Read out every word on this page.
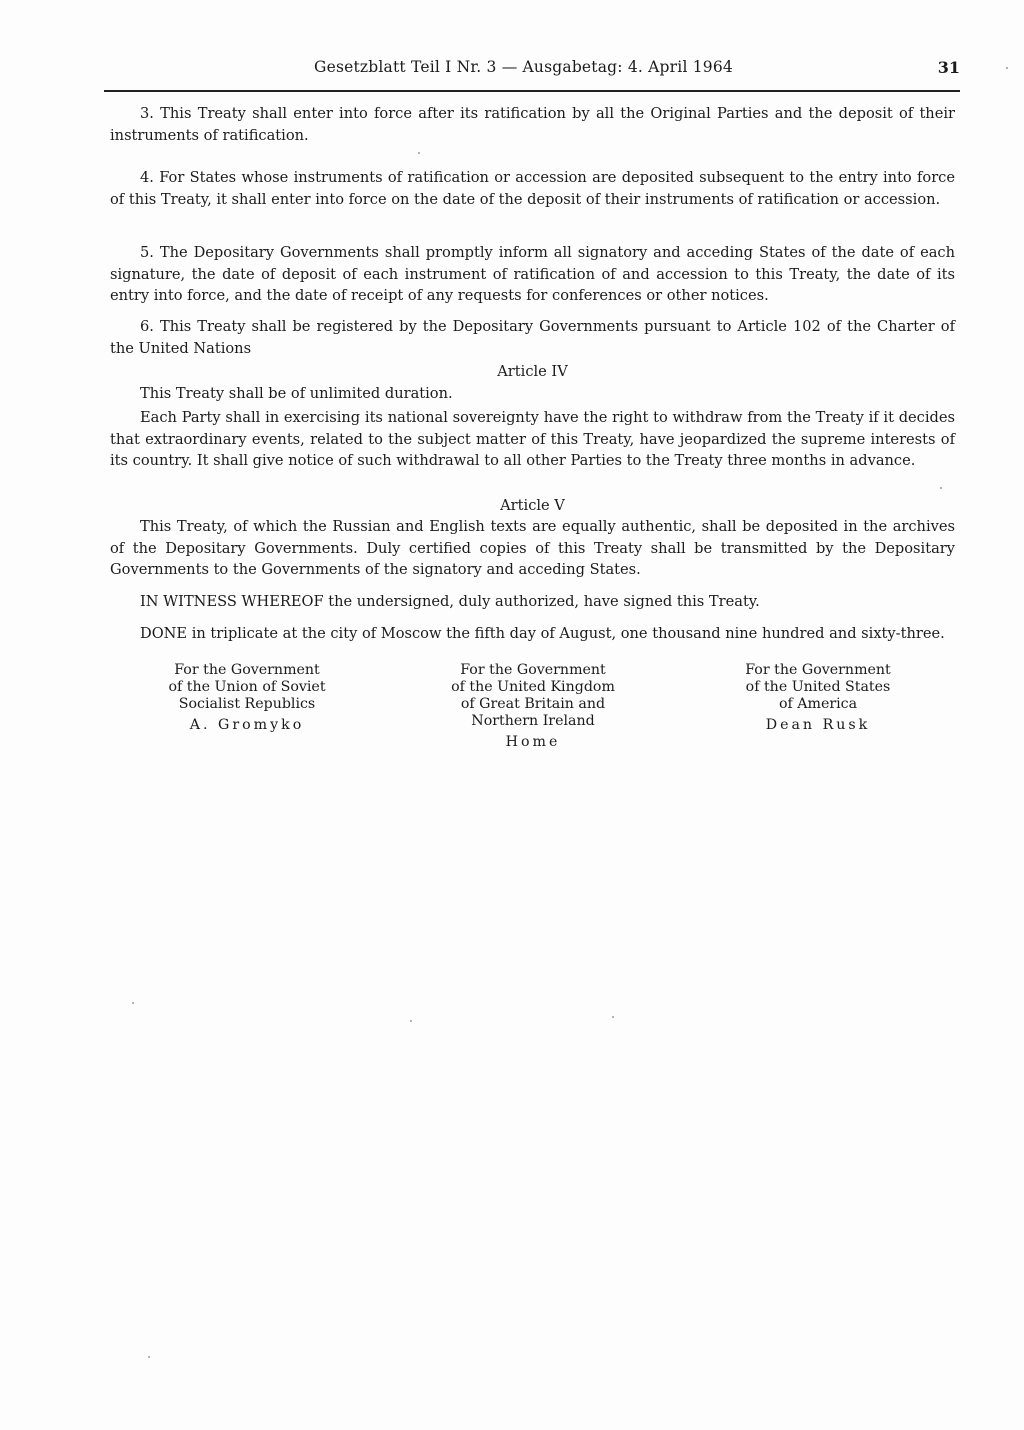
Gesetzblatt Teil I Nr. 3 — Ausgabetag: 4. April 1964	31

3. This Treaty shall enter into force after its ratification by all the Original Parties and the deposit of their instruments of ratification.

4. For States whose instruments of ratification or accession are deposited subsequent to the entry into force of this Treaty, it shall enter into force on the date of the deposit of their instruments of ratification or accession.

5. The Depositary Governments shall promptly inform all signatory and acceding States of the date of each signature, the date of deposit of each instrument of ratification of and accession to this Treaty, the date of its entry into force, and the date of receipt of any requests for conferences or other notices.

6. This Treaty shall be registered by the Depositary Governments pursuant to Article 102 of the Charter of the United Nations

Article IV

This Treaty shall be of unlimited duration.

Each Party shall in exercising its national sovereignty have the right to withdraw from the Treaty if it decides that extraordinary events, related to the subject matter of this Treaty, have jeopardized the supreme interests of its country. It shall give notice of such withdrawal to all other Parties to the Treaty three months in advance.

Article V

This Treaty, of which the Russian and English texts are equally authentic, shall be deposited in the archives of the Depositary Governments. Duly certified copies of this Treaty shall be transmitted by the Depositary Governments to the Governments of the signatory and acceding States.

IN WITNESS WHEREOF the undersigned, duly authorized, have signed this Treaty.

DONE in triplicate at the city of Moscow the fifth day of August, one thousand nine hundred and sixty-three.

For the Government
of the Union of Soviet
Socialist Republics
A. Gromyko
For the Government
of the United Kingdom
of Great Britain and
Northern Ireland
Home
For the Government
of the United States
of America
Dean Rusk
